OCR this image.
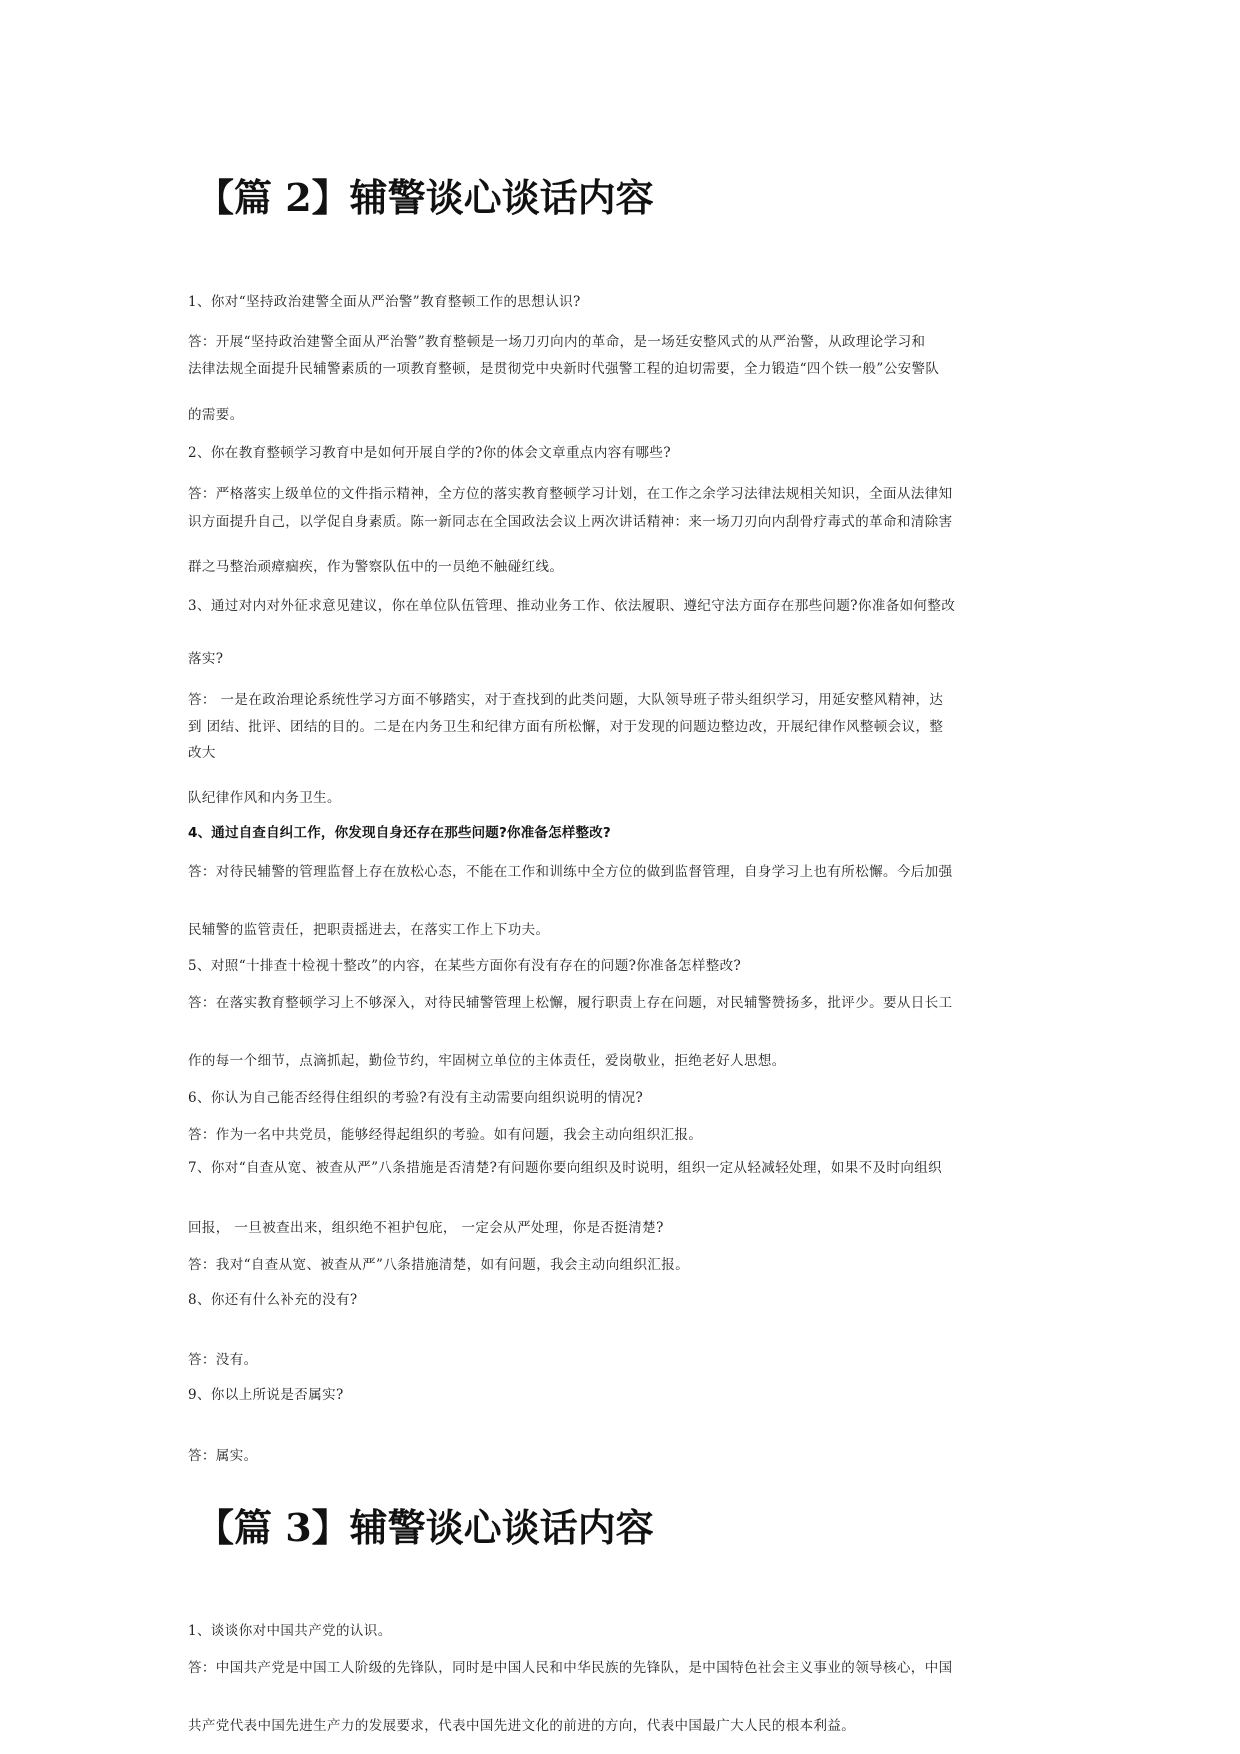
【篇 2】辅警谈心谈话内容

1、你对“坚持政治建警全面从严治警”教育整顿工作的思想认识?

答：开展“坚持政治建警全面从严治警”教育整顿是一场刀刃向内的革命，是一场廷安整风式的从严治警，从政理论学习和

法律法规全面提升民辅警素质的一项教育整顿，是贯彻党中央新时代强警工程的迫切需要，全力锻造“四个铁一般”公安警队

的需要。

2、你在教育整顿学习教育中是如何开展自学的?你的体会文章重点内容有哪些?

答：严格落实上级单位的文件指示精神，全方位的落实教育整顿学习计划，在工作之余学习法律法规相关知识，全面从法律知

识方面提升自己，以学促自身素质。陈一新同志在全国政法会议上两次讲话精神：来一场刀刃向内刮骨疗毒式的革命和清除害

群之马整治顽瘴痼疾，作为警察队伍中的一员绝不触碰红线。

3、通过对内对外征求意见建议，你在单位队伍管理、推动业务工作、依法履职、遵纪守法方面存在那些问题?你准备如何整改

落实?

答： 一是在政治理论系统性学习方面不够踏实，对于查找到的此类问题，大队领导班子带头组织学习，用延安整风精神，达

到 团结、批评、团结的目的。二是在内务卫生和纪律方面有所松懈，对于发现的问题边整边改，开展纪律作风整顿会议，整

改大

队纪律作风和内务卫生。

4、通过自查自纠工作，你发现自身还存在那些问题?你准备怎样整改?

答：对待民辅警的管理监督上存在放松心态，不能在工作和训练中全方位的做到监督管理，自身学习上也有所松懈。今后加强

民辅警的监管责任，把职责摇进去，在落实工作上下功夫。

5、对照“十排查十检视十整改”的内容，在某些方面你有没有存在的问题?你准备怎样整改?

答：在落实教育整顿学习上不够深入，对待民辅警管理上松懈，履行职责上存在问题，对民辅警赞扬多，批评少。要从日长工

作的每一个细节，点滴抓起，勤俭节约，牢固树立单位的主体责任，爱岗敬业，拒绝老好人思想。

6、你认为自己能否经得住组织的考验?有没有主动需要向组织说明的情况?

答：作为一名中共党员，能够经得起组织的考验。如有问题，我会主动向组织汇报。

7、你对“自查从宽、被查从严”八条措施是否清楚?有问题你要向组织及时说明，组织一定从轻减轻处理，如果不及时向组织

回报， 一旦被查出来，组织绝不袒护包庇， 一定会从严处理，你是否挺清楚?

答：我对“自查从宽、被查从严”八条措施清楚，如有问题，我会主动向组织汇报。

8、你还有什么补充的没有?

答：没有。

9、你以上所说是否属实?

答：属实。

【篇 3】辅警谈心谈话内容

1、谈谈你对中国共产党的认识。

答：中国共产党是中国工人阶级的先锋队，同时是中国人民和中华民族的先锋队，是中国特色社会主义事业的领导核心，中国

共产党代表中国先进生产力的发展要求，代表中国先进文化的前进的方向，代表中国最广大人民的根本利益。
